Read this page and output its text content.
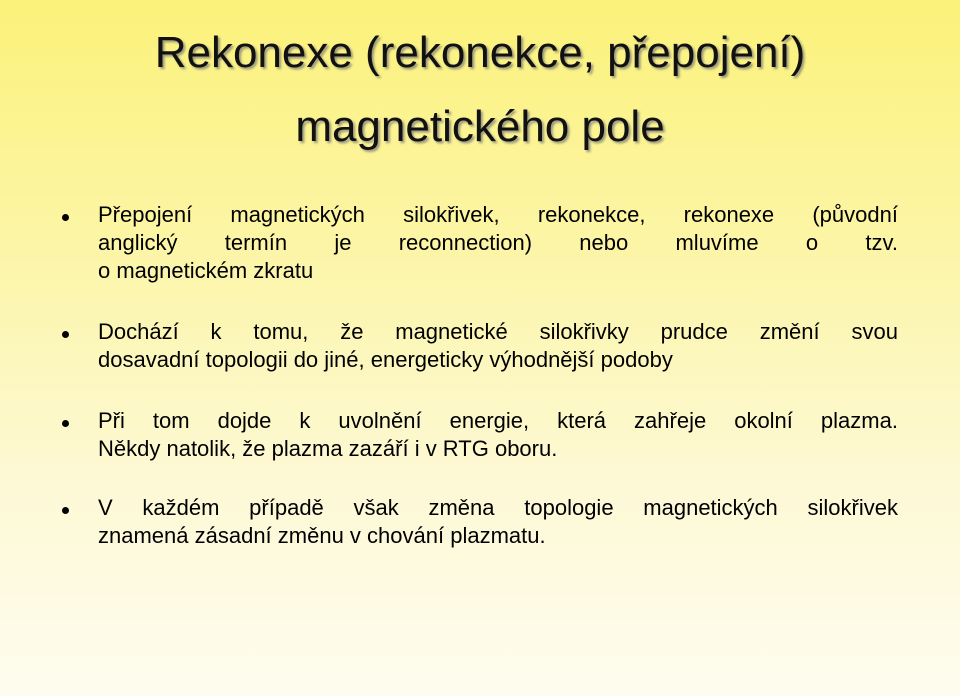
Rekonexe (rekonekce, přepojení)
magnetického pole
Přepojení magnetických silokřivek, rekonekce, rekonexe (původní
anglický termín je reconnection) nebo mluvíme o tzv.
o magnetickém zkratu
Dochází k tomu, že magnetické silokřivky prudce změní svou
dosavadní topologii do jiné, energeticky výhodnější podoby
Při tom dojde k uvolnění energie, která zahřeje okolní plazma.
Někdy natolik, že plazma zazáří i v RTG oboru.
V každém případě však změna topologie magnetických silokřivek
znamená zásadní změnu v chování plazmatu.
